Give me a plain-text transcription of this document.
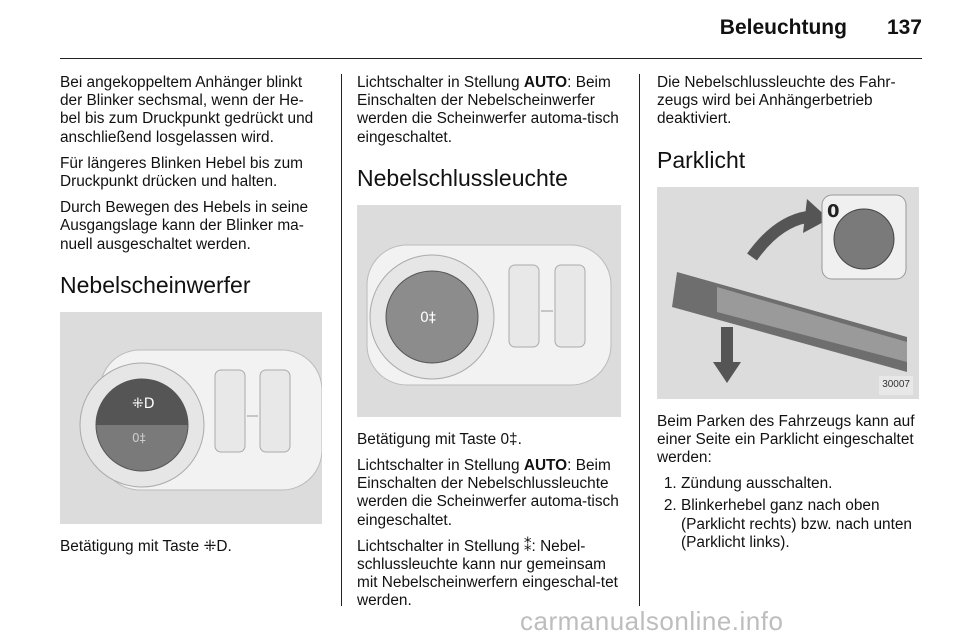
Beleuchtung 137

Bei angekoppeltem Anhänger blinkt der Blinker sechsmal, wenn der He-bel bis zum Druckpunkt gedrückt und anschließend losgelassen wird.

Für längeres Blinken Hebel bis zum Druckpunkt drücken und halten.

Durch Bewegen des Hebels in seine Ausgangslage kann der Blinker ma-nuell ausgeschaltet werden.

Nebelscheinwerfer
⁜D
0‡

Betätigung mit Taste ⁜D.

Lichtschalter in Stellung AUTO: Beim Einschalten der Nebelscheinwerfer werden die Scheinwerfer automa-tisch eingeschaltet.

Nebelschlussleuchte
0‡

Betätigung mit Taste 0‡.

Lichtschalter in Stellung AUTO: Beim Einschalten der Nebelschlussleuchte werden die Scheinwerfer automa-tisch eingeschaltet.

Lichtschalter in Stellung ⁑: Nebel-schlussleuchte kann nur gemeinsam mit Nebelscheinwerfern eingeschal-tet werden.

Die Nebelschlussleuchte des Fahr-zeugs wird bei Anhängerbetrieb deaktiviert.

Parklicht
0
30007

Beim Parken des Fahrzeugs kann auf einer Seite ein Parklicht eingeschaltet werden:

1. Zündung ausschalten.
2. Blinkerhebel ganz nach oben (Parklicht rechts) bzw. nach unten (Parklicht links).
carmanualsonline.info
